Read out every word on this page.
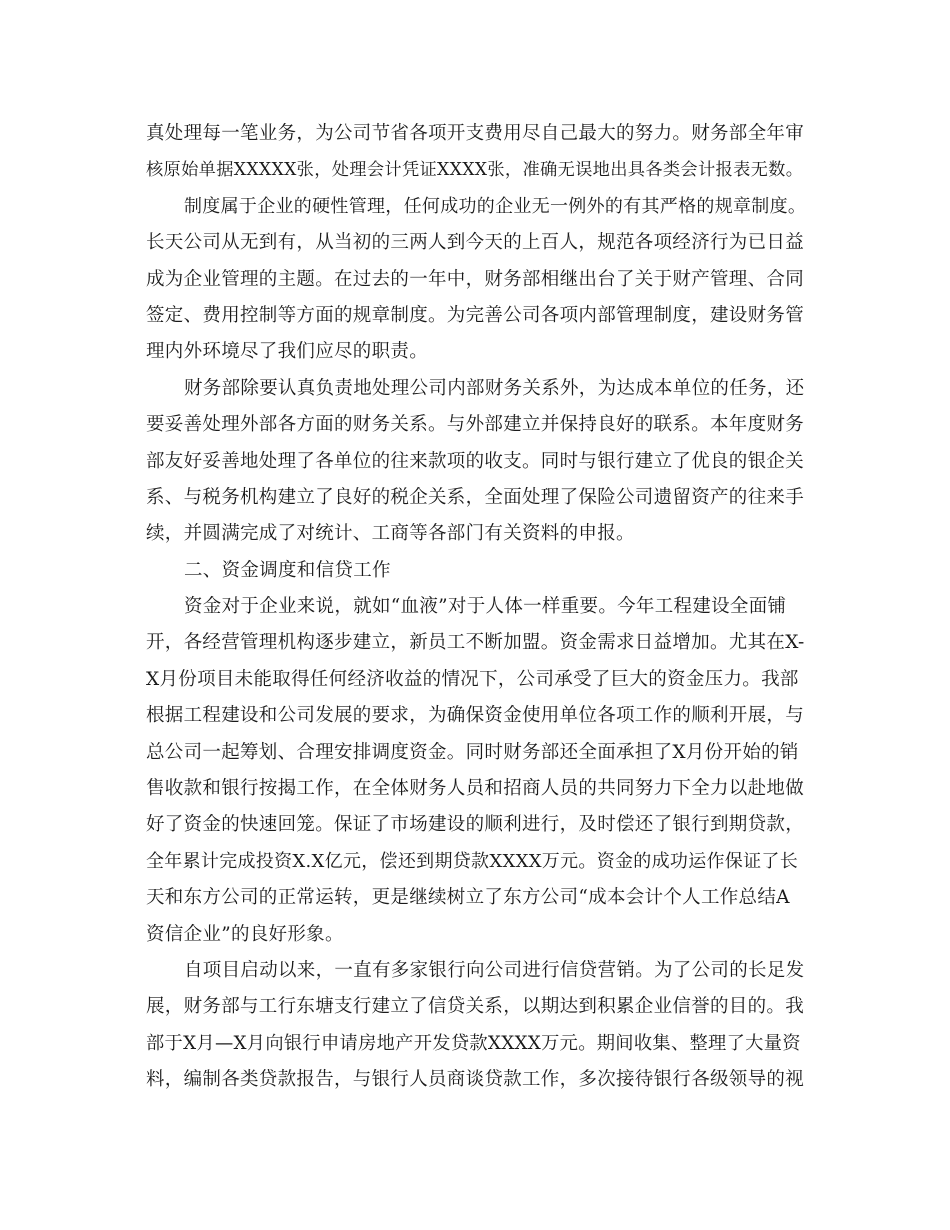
真处理每一笔业务，为公司节省各项开支费用尽自己最大的努力。财务部全年审
核原始单据XXXXX张，处理会计凭证XXXX张，准确无误地出具各类会计报表无数。
制度属于企业的硬性管理，任何成功的企业无一例外的有其严格的规章制度。
长天公司从无到有，从当初的三两人到今天的上百人，规范各项经济行为已日益
成为企业管理的主题。在过去的一年中，财务部相继出台了关于财产管理、合同
签定、费用控制等方面的规章制度。为完善公司各项内部管理制度，建设财务管
理内外环境尽了我们应尽的职责。
财务部除要认真负责地处理公司内部财务关系外，为达成本单位的任务，还
要妥善处理外部各方面的财务关系。与外部建立并保持良好的联系。本年度财务
部友好妥善地处理了各单位的往来款项的收支。同时与银行建立了优良的银企关
系、与税务机构建立了良好的税企关系，全面处理了保险公司遗留资产的往来手
续，并圆满完成了对统计、工商等各部门有关资料的申报。
二、资金调度和信贷工作
资金对于企业来说，就如“血液”对于人体一样重要。今年工程建设全面铺
开，各经营管理机构逐步建立，新员工不断加盟。资金需求日益增加。尤其在X-
X月份项目未能取得任何经济收益的情况下，公司承受了巨大的资金压力。我部
根据工程建设和公司发展的要求，为确保资金使用单位各项工作的顺利开展，与
总公司一起筹划、合理安排调度资金。同时财务部还全面承担了X月份开始的销
售收款和银行按揭工作，在全体财务人员和招商人员的共同努力下全力以赴地做
好了资金的快速回笼。保证了市场建设的顺利进行，及时偿还了银行到期贷款，
全年累计完成投资X.X亿元，偿还到期贷款XXXX万元。资金的成功运作保证了长
天和东方公司的正常运转，更是继续树立了东方公司“成本会计个人工作总结A
资信企业”的良好形象。
自项目启动以来，一直有多家银行向公司进行信贷营销。为了公司的长足发
展，财务部与工行东塘支行建立了信贷关系，以期达到积累企业信誉的目的。我
部于X月—X月向银行申请房地产开发贷款XXXX万元。期间收集、整理了大量资
料，编制各类贷款报告，与银行人员商谈贷款工作，多次接待银行各级领导的视
